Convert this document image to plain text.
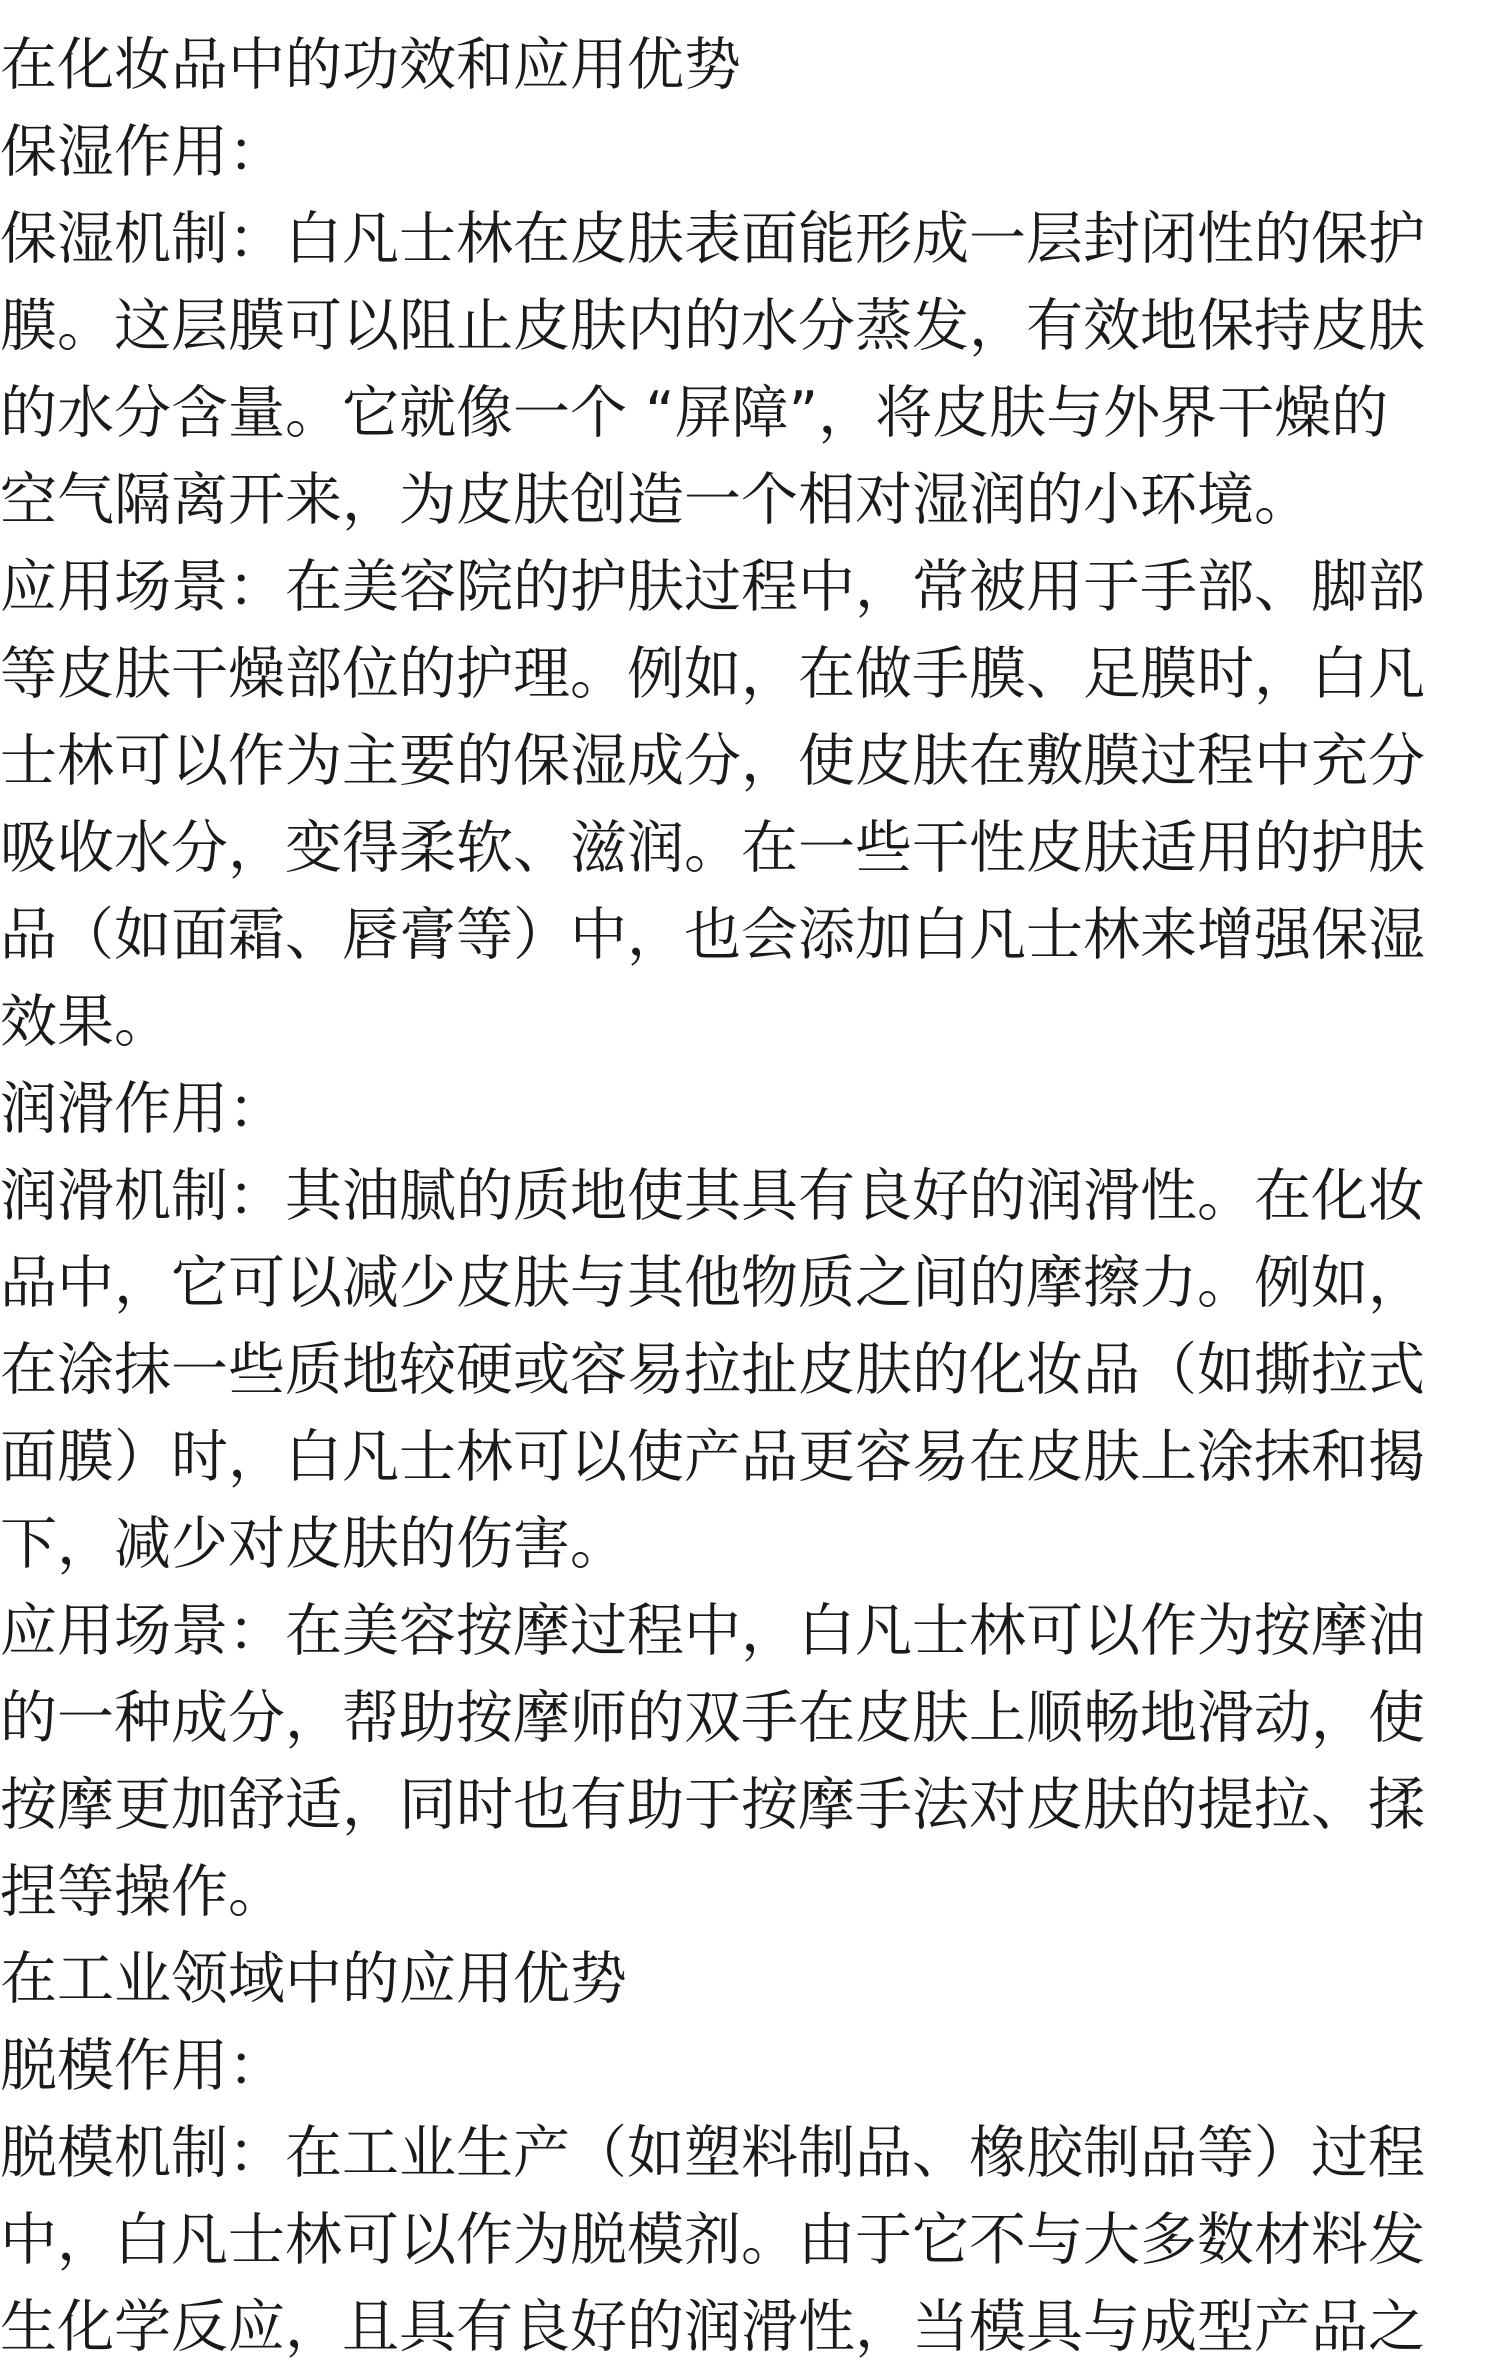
在化妆品中的功效和应用优势
保湿作用：
保湿机制：白凡士林在皮肤表面能形成一层封闭性的保护
膜。这层膜可以阻止皮肤内的水分蒸发，有效地保持皮肤
的水分含量。它就像一个 “屏障”，将皮肤与外界干燥的
空气隔离开来，为皮肤创造一个相对湿润的小环境。
应用场景：在美容院的护肤过程中，常被用于手部、脚部
等皮肤干燥部位的护理。例如，在做手膜、足膜时，白凡
士林可以作为主要的保湿成分，使皮肤在敷膜过程中充分
吸收水分，变得柔软、滋润。在一些干性皮肤适用的护肤
品（如面霜、唇膏等）中，也会添加白凡士林来增强保湿
效果。
润滑作用：
润滑机制：其油腻的质地使其具有良好的润滑性。在化妆
品中，它可以减少皮肤与其他物质之间的摩擦力。例如，
在涂抹一些质地较硬或容易拉扯皮肤的化妆品（如撕拉式
面膜）时，白凡士林可以使产品更容易在皮肤上涂抹和揭
下，减少对皮肤的伤害。
应用场景：在美容按摩过程中，白凡士林可以作为按摩油
的一种成分，帮助按摩师的双手在皮肤上顺畅地滑动，使
按摩更加舒适，同时也有助于按摩手法对皮肤的提拉、揉
捏等操作。
在工业领域中的应用优势
脱模作用：
脱模机制：在工业生产（如塑料制品、橡胶制品等）过程
中，白凡士林可以作为脱模剂。由于它不与大多数材料发
生化学反应，且具有良好的润滑性，当模具与成型产品之
